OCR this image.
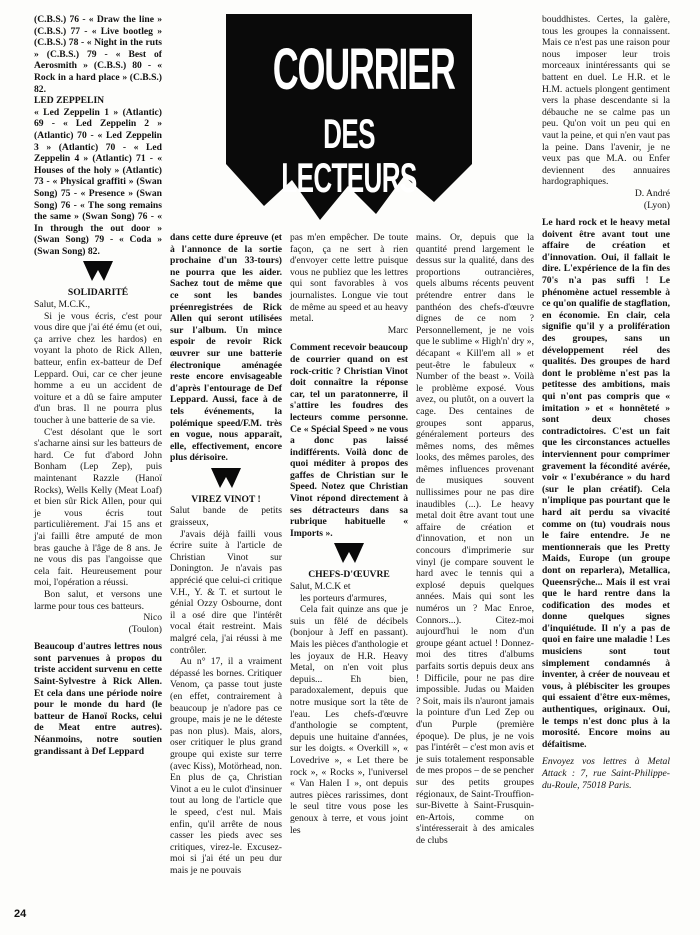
COURRIER
DES LECTEURS

(C.B.S.) 76 - « Draw the line » (C.B.S.) 77 - « Live bootleg » (C.B.S.) 78 - « Night in the ruts » (C.B.S.) 79 - « Best of Aerosmith » (C.B.S.) 80 - « Rock in a hard place » (C.B.S.) 82.

LED ZEPPELIN

« Led Zeppelin 1 » (Atlantic) 69 - « Led Zeppelin 2 » (Atlantic) 70 - « Led Zeppelin 3 » (Atlantic) 70 - « Led Zeppelin 4 » (Atlantic) 71 - « Houses of the holy » (Atlantic) 73 - « Physical graffiti » (Swan Song) 75 - « Presence » (Swan Song) 76 - « The song remains the same » (Swan Song) 76 - « In through the out door » (Swan Song) 79 - « Coda » (Swan Song) 82.

SOLIDARITÉ

Salut, M.C.K.,

Si je vous écris, c'est pour vous dire que j'ai été ému (et oui, ça arrive chez les hardos) en voyant la photo de Rick Allen, batteur, enfin ex-batteur de Def Leppard. Oui, car ce cher jeune homme a eu un accident de voiture et a dû se faire amputer d'un bras. Il ne pourra plus toucher à une batterie de sa vie.

C'est désolant que le sort s'acharne ainsi sur les batteurs de hard. Ce fut d'abord John Bonham (Lep Zep), puis maintenant Razzle (Hanoï Rocks), Wells Kelly (Meat Loaf) et bien sûr Rick Allen, pour qui je vous écris tout particulièrement. J'ai 15 ans et j'ai failli être amputé de mon bras gauche à l'âge de 8 ans. Je ne vous dis pas l'angoisse que cela fait. Heureusement pour moi, l'opération a réussi.

Bon salut, et versons une larme pour tous ces batteurs.

Nico

(Toulon)

Beaucoup d'autres lettres nous sont parvenues à propos du triste accident survenu en cette Saint-Sylvestre à Rick Allen. Et cela dans une période noire pour le monde du hard (le batteur de Hanoï Rocks, celui de Meat entre autres). Néanmoins, notre soutien grandissant à Def Leppard

dans cette dure épreuve (et à l'annonce de la sortie prochaine d'un 33-tours) ne pourra que les aider. Sachez tout de même que ce sont les bandes préenregistrées de Rick Allen qui seront utilisées sur l'album. Un mince espoir de revoir Rick œuvrer sur une batterie électronique aménagée reste encore envisageable d'après l'entourage de Def Leppard. Aussi, face à de tels événements, la polémique speed/F.M. très en vogue, nous apparaît, elle, effectivement, encore plus dérisoire.

VIREZ VINOT !

Salut bande de petits graisseux,

J'avais déjà failli vous écrire suite à l'article de Christian Vinot sur Donington. Je n'avais pas apprécié que celui-ci critique V.H., Y. & T. et surtout le génial Ozzy Osbourne, dont il a osé dire que l'intérêt vocal était restreint. Mais malgré cela, j'ai réussi à me contrôler.

Au n° 17, il a vraiment dépassé les bornes. Critiquer Venom, ça passe tout juste (en effet, contrairement à beaucoup je n'adore pas ce groupe, mais je ne le déteste pas non plus). Mais, alors, oser critiquer le plus grand groupe qui existe sur terre (avec Kiss), Motörhead, non. En plus de ça, Christian Vinot a eu le culot d'insinuer tout au long de l'article que le speed, c'est nul. Mais enfin, qu'il arrête de nous casser les pieds avec ses critiques, virez-le. Excusez-moi si j'ai été un peu dur mais je ne pouvais

pas m'en empêcher. De toute façon, ça ne sert à rien d'envoyer cette lettre puisque vous ne publiez que les lettres qui sont favorables à vos journalistes. Longue vie tout de même au speed et au heavy metal.

Marc

Comment recevoir beaucoup de courrier quand on est rock-critic ? Christian Vinot doit connaître la réponse car, tel un paratonnerre, il s'attire les foudres des lecteurs comme personne. Ce « Spécial Speed » ne vous a donc pas laissé indifférents. Voilà donc de quoi méditer à propos des gaffes de Christian sur le Speed. Notez que Christian Vinot répond directement à ses détracteurs dans sa rubrique habituelle « Imports ».

CHEFS-D'ŒUVRE

Salut, M.C.K et

les porteurs d'armures,

Cela fait quinze ans que je suis un fêlé de décibels (bonjour à Jeff en passant). Mais les pièces d'anthologie et les joyaux de H.R. Heavy Metal, on n'en voit plus depuis... Eh bien, paradoxalement, depuis que notre musique sort la tête de l'eau. Les chefs-d'œuvre d'anthologie se comptent, depuis une huitaine d'années, sur les doigts. « Overkill », « Lovedrive », « Let there be rock », « Rocks », l'universel « Van Halen I », ont depuis autres pièces rarissimes, dont le seul titre vous pose les genoux à terre, et vous joint les

mains. Or, depuis que la quantité prend largement le dessus sur la qualité, dans des proportions outrancières, quels albums récents peuvent prétendre entrer dans le panthéon des chefs-d'œuvre dignes de ce nom ? Personnellement, je ne vois que le sublime « High'n' dry », décapant « Kill'em all » et peut-être le fabuleux « Number of the beast ». Voilà le problème exposé. Vous avez, ou plutôt, on a ouvert la cage. Des centaines de groupes sont apparus, généralement porteurs des mêmes noms, des mêmes looks, des mêmes paroles, des mêmes influences provenant de musiques souvent nullissimes pour ne pas dire inaudibles (...). Le heavy metal doit être avant tout une affaire de création et d'innovation, et non un concours d'imprimerie sur vinyl (je compare souvent le hard avec le tennis qui a explosé depuis quelques années. Mais qui sont les numéros un ? Mac Enroe, Connors...). Citez-moi aujourd'hui le nom d'un groupe géant actuel ! Donnez-moi des titres d'albums parfaits sortis depuis deux ans ! Difficile, pour ne pas dire impossible. Judas ou Maiden ? Soit, mais ils n'auront jamais la pointure d'un Led Zep ou d'un Purple (première époque). De plus, je ne vois pas l'intérêt – c'est mon avis et je suis totalement responsable de mes propos – de se pencher sur des petits groupes régionaux, de Saint-Trouffion-sur-Bivette à Saint-Frusquin-en-Artois, comme on s'intéresserait à des amicales de clubs

bouddhistes. Certes, la galère, tous les groupes la connaissent. Mais ce n'est pas une raison pour nous imposer leur trois morceaux inintéressants qui se battent en duel. Le H.R. et le H.M. actuels plongent gentiment vers la phase descendante si la débauche ne se calme pas un peu. Qu'on voit un peu qui en vaut la peine, et qui n'en vaut pas la peine. Dans l'avenir, je ne veux pas que M.A. ou Enfer deviennent des annuaires hardographiques.

D. André

(Lyon)

Le hard rock et le heavy metal doivent être avant tout une affaire de création et d'innovation. Oui, il fallait le dire. L'expérience de la fin des 70's n'a pas suffi ! Le phénomène actuel ressemble à ce qu'on qualifie de stagflation, en économie. En clair, cela signifie qu'il y a prolifération des groupes, sans un développement réel des qualités. Des groupes de hard dont le problème n'est pas la petitesse des ambitions, mais qui n'ont pas compris que « imitation » et « honnêteté » sont deux choses contradictoires. C'est un fait que les circonstances actuelles interviennent pour comprimer gravement la fécondité avérée, voir « l'exubérance » du hard (sur le plan créatif). Cela n'implique pas pourtant que le hard ait perdu sa vivacité comme on (tu) voudrais nous le faire entendre. Je ne mentionnerais que les Pretty Maids, Europe (un groupe dont on reparlera), Metallica, Queensrÿche... Mais il est vrai que le hard rentre dans la codification des modes et donne quelques signes d'inquiétude. Il n'y a pas de quoi en faire une maladie ! Les musiciens sont tout simplement condamnés à inventer, à créer de nouveau et vous, à plébisciter les groupes qui essaient d'être eux-mêmes, authentiques, originaux. Oui, le temps n'est donc plus à la morosité. Encore moins au défaitisme.

Envoyez vos lettres à Metal Attack : 7, rue Saint-Philippe-du-Roule, 75018 Paris.

24
